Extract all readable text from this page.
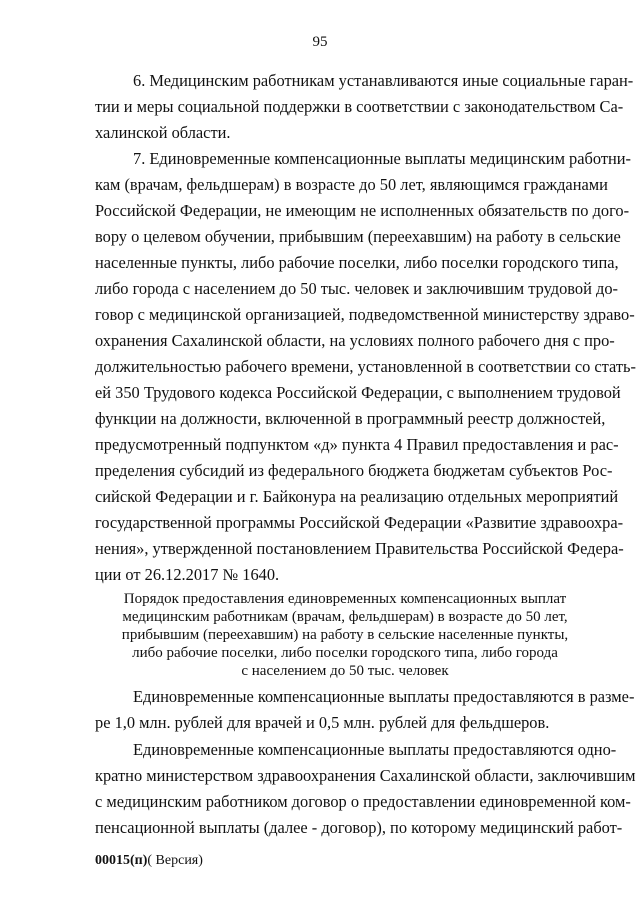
95
6. Медицинским работникам устанавливаются иные социальные гаран-
тии и меры социальной поддержки в соответствии с законодательством Са-
халинской области.
7. Единовременные компенсационные выплаты медицинским работни-
кам (врачам, фельдшерам) в возрасте до 50 лет, являющимся гражданами
Российской Федерации, не имеющим не исполненных обязательств по дого-
вору о целевом обучении, прибывшим (переехавшим) на работу в сельские
населенные пункты, либо рабочие поселки, либо поселки городского типа,
либо города с населением до 50 тыс. человек и заключившим трудовой до-
говор с медицинской организацией, подведомственной министерству здраво-
охранения Сахалинской области, на условиях полного рабочего дня с про-
должительностью рабочего времени, установленной в соответствии со стать-
ей 350 Трудового кодекса Российской Федерации, с выполнением трудовой
функции на должности, включенной в программный реестр должностей,
предусмотренный подпунктом «д» пункта 4 Правил предоставления и рас-
пределения субсидий из федерального бюджета бюджетам субъектов Рос-
сийской Федерации и г. Байконура на реализацию отдельных мероприятий
государственной программы Российской Федерации «Развитие здравоохра-
нения», утвержденной постановлением Правительства Российской Федера-
ции от 26.12.2017 № 1640.
Порядок предоставления единовременных компенсационных выплат
медицинским работникам (врачам, фельдшерам) в возрасте до 50 лет,
прибывшим (переехавшим) на работу в сельские населенные пункты,
либо рабочие поселки, либо поселки городского типа, либо города
с населением до 50 тыс. человек
Единовременные компенсационные выплаты предоставляются в разме-
ре 1,0 млн. рублей для врачей и 0,5 млн. рублей для фельдшеров.
Единовременные компенсационные выплаты предоставляются одно-
кратно министерством здравоохранения Сахалинской области, заключившим
с медицинским работником договор о предоставлении единовременной ком-
пенсационной выплаты (далее - договор), по которому медицинский работ-
00015(п)( Версия)
